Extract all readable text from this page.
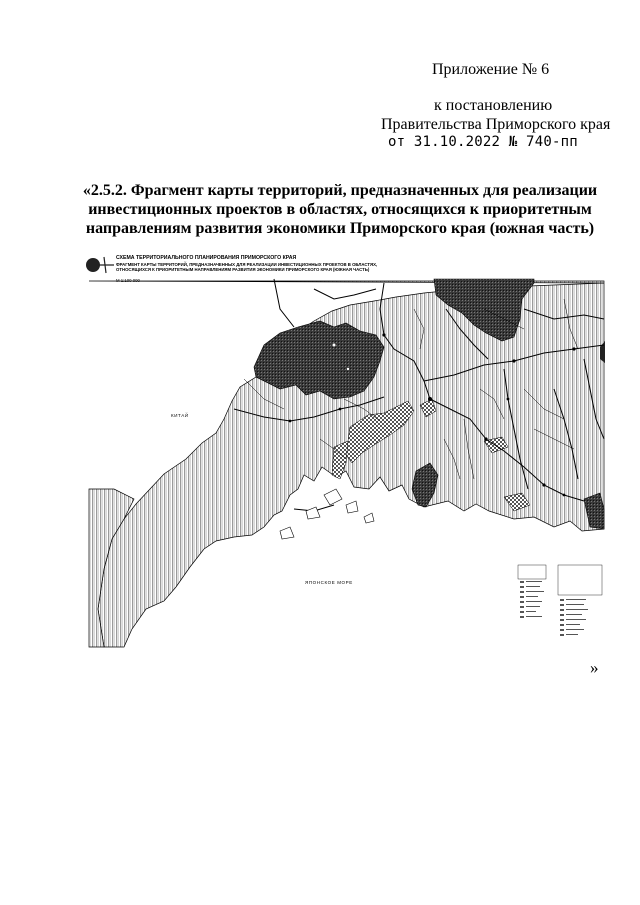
Приложение № 6
к постановлению
Правительства Приморского края
от 31.10.2022 № 740-пп
«2.5.2. Фрагмент карты территорий, предназначенных для реализации
инвестиционных проектов в областях, относящихся к приоритетным
направлениям развития экономики Приморского края (южная часть)
СХЕМА ТЕРРИТОРИАЛЬНОГО ПЛАНИРОВАНИЯ ПРИМОРСКОГО КРАЯ
ФРАГМЕНТ КАРТЫ ТЕРРИТОРИЙ, ПРЕДНАЗНАЧЕННЫХ ДЛЯ РЕАЛИЗАЦИИ ИНВЕСТИЦИОННЫХ ПРОЕКТОВ В ОБЛАСТЯХ,
ОТНОСЯЩИХСЯ К ПРИОРИТЕТНЫМ НАПРАВЛЕНИЯМ РАЗВИТИЯ ЭКОНОМИКИ ПРИМОРСКОГО КРАЯ (ЮЖНАЯ ЧАСТЬ)
М 1:100 000
КИТАЙ
ЯПОНСКОЕ МОРЕ
»
